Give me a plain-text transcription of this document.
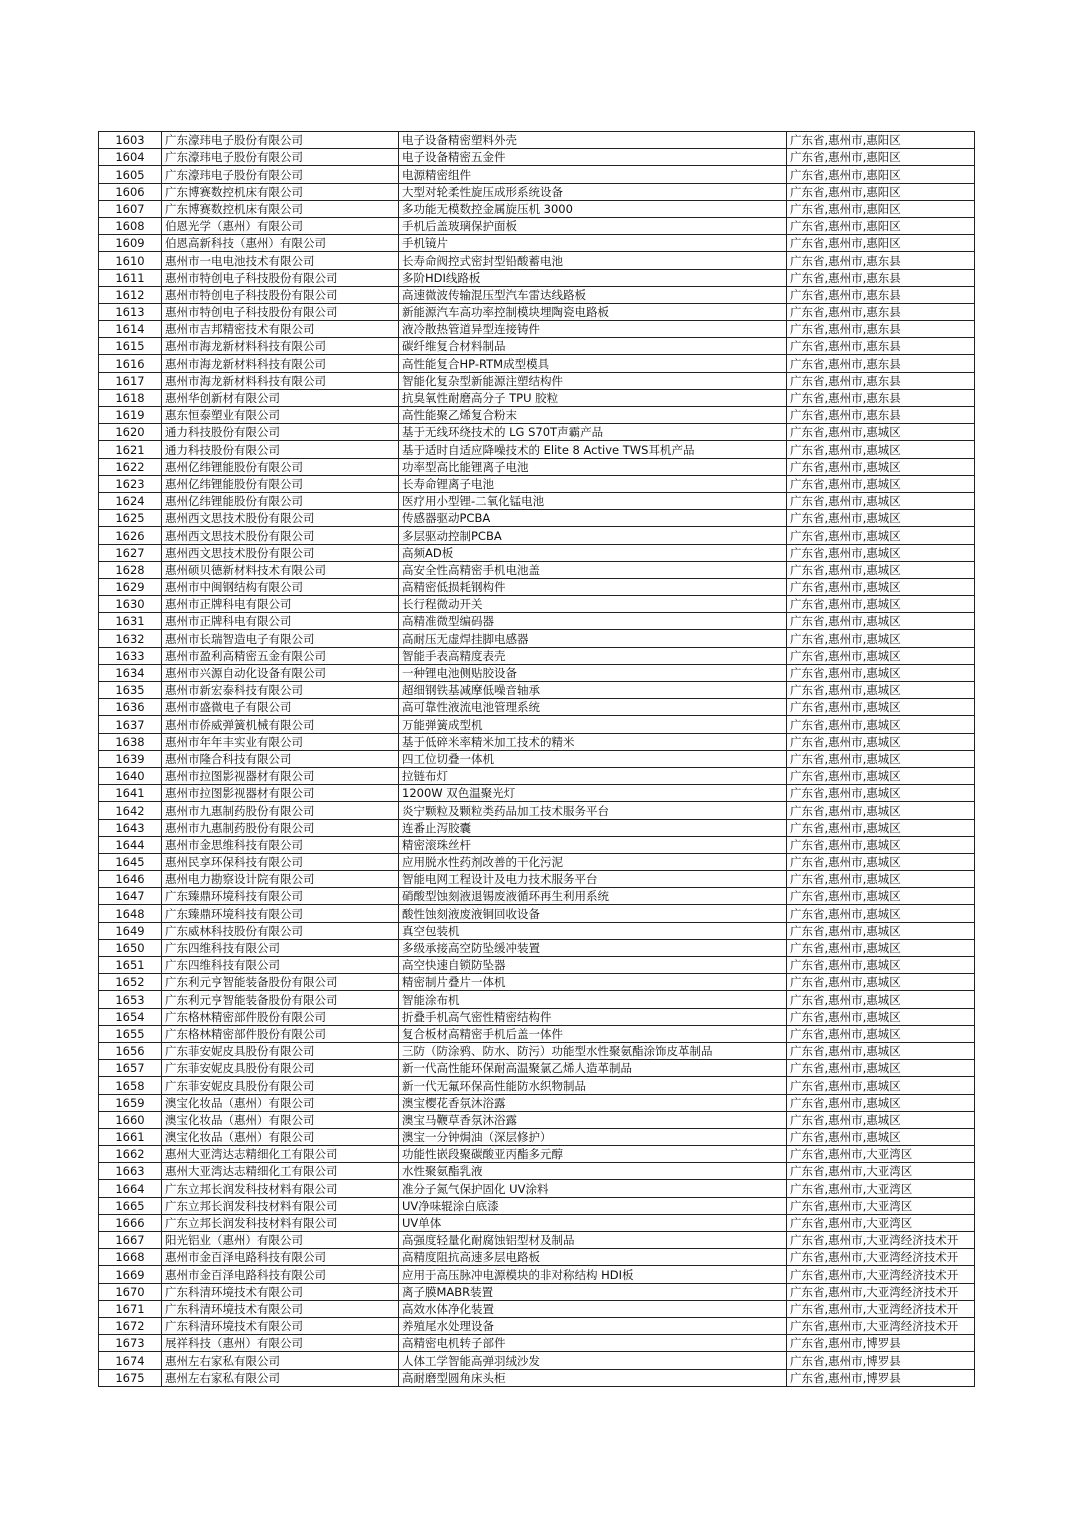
1603	广东濠玮电子股份有限公司	电子设备精密塑料外壳	广东省,惠州市,惠阳区
1604	广东濠玮电子股份有限公司	电子设备精密五金件	广东省,惠州市,惠阳区
1605	广东濠玮电子股份有限公司	电源精密组件	广东省,惠州市,惠阳区
1606	广东博赛数控机床有限公司	大型对轮柔性旋压成形系统设备	广东省,惠州市,惠阳区
1607	广东博赛数控机床有限公司	多功能无模数控金属旋压机 3000	广东省,惠州市,惠阳区
1608	伯恩光学（惠州）有限公司	手机后盖玻璃保护面板	广东省,惠州市,惠阳区
1609	伯恩高新科技（惠州）有限公司	手机镜片	广东省,惠州市,惠阳区
1610	惠州市一电电池技术有限公司	长寿命阀控式密封型铅酸蓄电池	广东省,惠州市,惠东县
1611	惠州市特创电子科技股份有限公司	多阶HDI线路板	广东省,惠州市,惠东县
1612	惠州市特创电子科技股份有限公司	高速微波传输混压型汽车雷达线路板	广东省,惠州市,惠东县
1613	惠州市特创电子科技股份有限公司	新能源汽车高功率控制模块埋陶瓷电路板	广东省,惠州市,惠东县
1614	惠州市吉邦精密技术有限公司	液冷散热管道异型连接铸件	广东省,惠州市,惠东县
1615	惠州市海龙新材料科技有限公司	碳纤维复合材料制品	广东省,惠州市,惠东县
1616	惠州市海龙新材料科技有限公司	高性能复合HP-RTM成型模具	广东省,惠州市,惠东县
1617	惠州市海龙新材料科技有限公司	智能化复杂型新能源注塑结构件	广东省,惠州市,惠东县
1618	惠州华创新材有限公司	抗臭氧性耐磨高分子 TPU 胶粒	广东省,惠州市,惠东县
1619	惠东恒泰塑业有限公司	高性能聚乙烯复合粉末	广东省,惠州市,惠东县
1620	通力科技股份有限公司	基于无线环绕技术的 LG S70T声霸产品	广东省,惠州市,惠城区
1621	通力科技股份有限公司	基于适时自适应降噪技术的 Elite 8 Active TWS耳机产品	广东省,惠州市,惠城区
1622	惠州亿纬锂能股份有限公司	功率型高比能锂离子电池	广东省,惠州市,惠城区
1623	惠州亿纬锂能股份有限公司	长寿命锂离子电池	广东省,惠州市,惠城区
1624	惠州亿纬锂能股份有限公司	医疗用小型锂-二氧化锰电池	广东省,惠州市,惠城区
1625	惠州西文思技术股份有限公司	传感器驱动PCBA	广东省,惠州市,惠城区
1626	惠州西文思技术股份有限公司	多层驱动控制PCBA	广东省,惠州市,惠城区
1627	惠州西文思技术股份有限公司	高频AD板	广东省,惠州市,惠城区
1628	惠州硕贝德新材料技术有限公司	高安全性高精密手机电池盖	广东省,惠州市,惠城区
1629	惠州市中闽钢结构有限公司	高精密低损耗钢构件	广东省,惠州市,惠城区
1630	惠州市正牌科电有限公司	长行程微动开关	广东省,惠州市,惠城区
1631	惠州市正牌科电有限公司	高精准微型编码器	广东省,惠州市,惠城区
1632	惠州市长瑞智造电子有限公司	高耐压无虚焊挂脚电感器	广东省,惠州市,惠城区
1633	惠州市盈利高精密五金有限公司	智能手表高精度表壳	广东省,惠州市,惠城区
1634	惠州市兴源自动化设备有限公司	一种锂电池侧贴胶设备	广东省,惠州市,惠城区
1635	惠州市新宏泰科技有限公司	超细钢铁基减摩低噪音轴承	广东省,惠州市,惠城区
1636	惠州市盛微电子有限公司	高可靠性液流电池管理系统	广东省,惠州市,惠城区
1637	惠州市侨威弹簧机械有限公司	万能弹簧成型机	广东省,惠州市,惠城区
1638	惠州市年年丰实业有限公司	基于低碎米率精米加工技术的精米	广东省,惠州市,惠城区
1639	惠州市隆合科技有限公司	四工位切叠一体机	广东省,惠州市,惠城区
1640	惠州市拉图影视器材有限公司	拉链布灯	广东省,惠州市,惠城区
1641	惠州市拉图影视器材有限公司	1200W 双色温聚光灯	广东省,惠州市,惠城区
1642	惠州市九惠制药股份有限公司	炎宁颗粒及颗粒类药品加工技术服务平台	广东省,惠州市,惠城区
1643	惠州市九惠制药股份有限公司	连番止泻胶囊	广东省,惠州市,惠城区
1644	惠州市金思维科技有限公司	精密滚珠丝杆	广东省,惠州市,惠城区
1645	惠州民享环保科技有限公司	应用脱水性药剂改善的干化污泥	广东省,惠州市,惠城区
1646	惠州电力勘察设计院有限公司	智能电网工程设计及电力技术服务平台	广东省,惠州市,惠城区
1647	广东臻鼎环境科技有限公司	硝酸型蚀刻液退锡废液循环再生利用系统	广东省,惠州市,惠城区
1648	广东臻鼎环境科技有限公司	酸性蚀刻液废液铜回收设备	广东省,惠州市,惠城区
1649	广东威林科技股份有限公司	真空包装机	广东省,惠州市,惠城区
1650	广东四维科技有限公司	多级承接高空防坠缓冲装置	广东省,惠州市,惠城区
1651	广东四维科技有限公司	高空快速自锁防坠器	广东省,惠州市,惠城区
1652	广东利元亨智能装备股份有限公司	精密制片叠片一体机	广东省,惠州市,惠城区
1653	广东利元亨智能装备股份有限公司	智能涂布机	广东省,惠州市,惠城区
1654	广东格林精密部件股份有限公司	折叠手机高气密性精密结构件	广东省,惠州市,惠城区
1655	广东格林精密部件股份有限公司	复合板材高精密手机后盖一体件	广东省,惠州市,惠城区
1656	广东菲安妮皮具股份有限公司	三防（防涂鸦、防水、防污）功能型水性聚氨酯涂饰皮革制品	广东省,惠州市,惠城区
1657	广东菲安妮皮具股份有限公司	新一代高性能环保耐高温聚氯乙烯人造革制品	广东省,惠州市,惠城区
1658	广东菲安妮皮具股份有限公司	新一代无氟环保高性能防水织物制品	广东省,惠州市,惠城区
1659	澳宝化妆品（惠州）有限公司	澳宝樱花香氛沐浴露	广东省,惠州市,惠城区
1660	澳宝化妆品（惠州）有限公司	澳宝马鞭草香氛沐浴露	广东省,惠州市,惠城区
1661	澳宝化妆品（惠州）有限公司	澳宝一分钟焗油（深层修护）	广东省,惠州市,惠城区
1662	惠州大亚湾达志精细化工有限公司	功能性嵌段聚碳酸亚丙酯多元醇	广东省,惠州市,大亚湾区
1663	惠州大亚湾达志精细化工有限公司	水性聚氨酯乳液	广东省,惠州市,大亚湾区
1664	广东立邦长润发科技材料有限公司	准分子氮气保护固化 UV涂料	广东省,惠州市,大亚湾区
1665	广东立邦长润发科技材料有限公司	UV净味辊涂白底漆	广东省,惠州市,大亚湾区
1666	广东立邦长润发科技材料有限公司	UV单体	广东省,惠州市,大亚湾区
1667	阳光铝业（惠州）有限公司	高强度轻量化耐腐蚀铝型材及制品	广东省,惠州市,大亚湾经济技术开
1668	惠州市金百泽电路科技有限公司	高精度阻抗高速多层电路板	广东省,惠州市,大亚湾经济技术开
1669	惠州市金百泽电路科技有限公司	应用于高压脉冲电源模块的非对称结构 HDI板	广东省,惠州市,大亚湾经济技术开
1670	广东科清环境技术有限公司	离子膜MABR装置	广东省,惠州市,大亚湾经济技术开
1671	广东科清环境技术有限公司	高效水体净化装置	广东省,惠州市,大亚湾经济技术开
1672	广东科清环境技术有限公司	养殖尾水处理设备	广东省,惠州市,大亚湾经济技术开
1673	展祥科技（惠州）有限公司	高精密电机转子部件	广东省,惠州市,博罗县
1674	惠州左右家私有限公司	人体工学智能高弹羽绒沙发	广东省,惠州市,博罗县
1675	惠州左右家私有限公司	高耐磨型圆角床头柜	广东省,惠州市,博罗县
